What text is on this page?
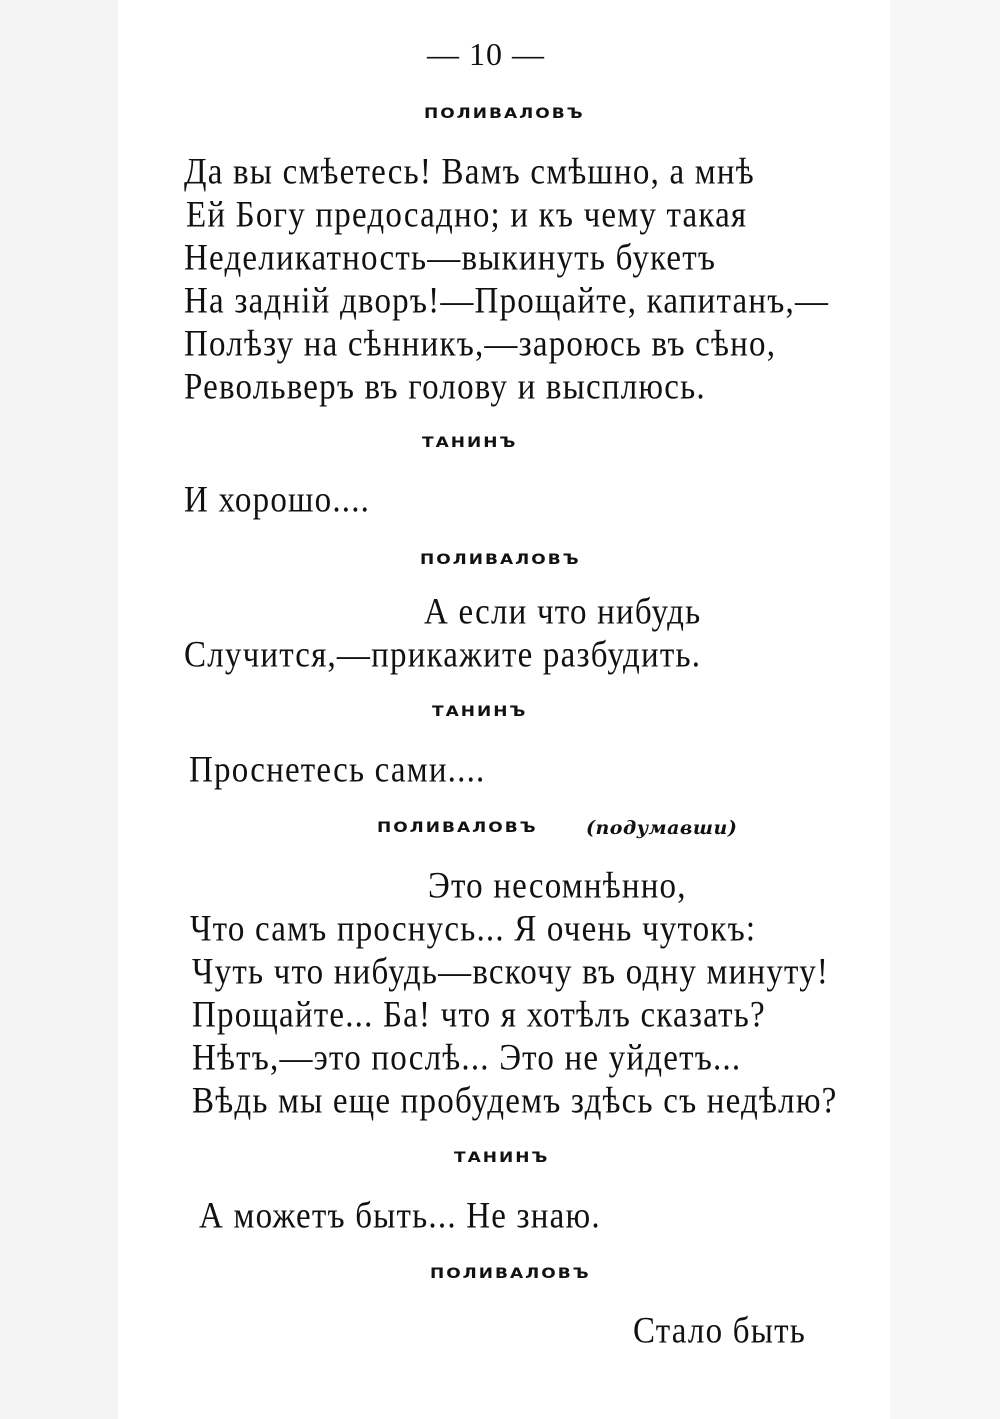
— 10 —
ПОЛИВАЛОВЪ
Да вы смѣетесь! Вамъ смѣшно, а мнѣ
Ей Богу предосадно; и къ чему такая
Неделикатность—выкинуть букетъ
На задній дворъ!—Прощайте, капитанъ,—
Полѣзу на сѣнникъ,—зароюсь въ сѣно,
Револьверъ въ голову и высплюсь.
ТАНИНЪ
И хорошо....
ПОЛИВАЛОВЪ
А если что нибудь
Случится,—прикажите разбудить.
ТАНИНЪ
Проснетесь сами....
ПОЛИВАЛОВЪ	(подумавши)
Это несомнѣнно,
Что самъ проснусь... Я очень чутокъ:
Чуть что нибудь—вскочу въ одну минуту!
Прощайте... Ба! что я хотѣлъ сказать?
Нѣтъ,—это послѣ... Это не уйдетъ...
Вѣдь мы еще пробудемъ здѣсь съ недѣлю?
ТАНИНЪ
А можетъ быть... Не знаю.
ПОЛИВАЛОВЪ
Стало быть
